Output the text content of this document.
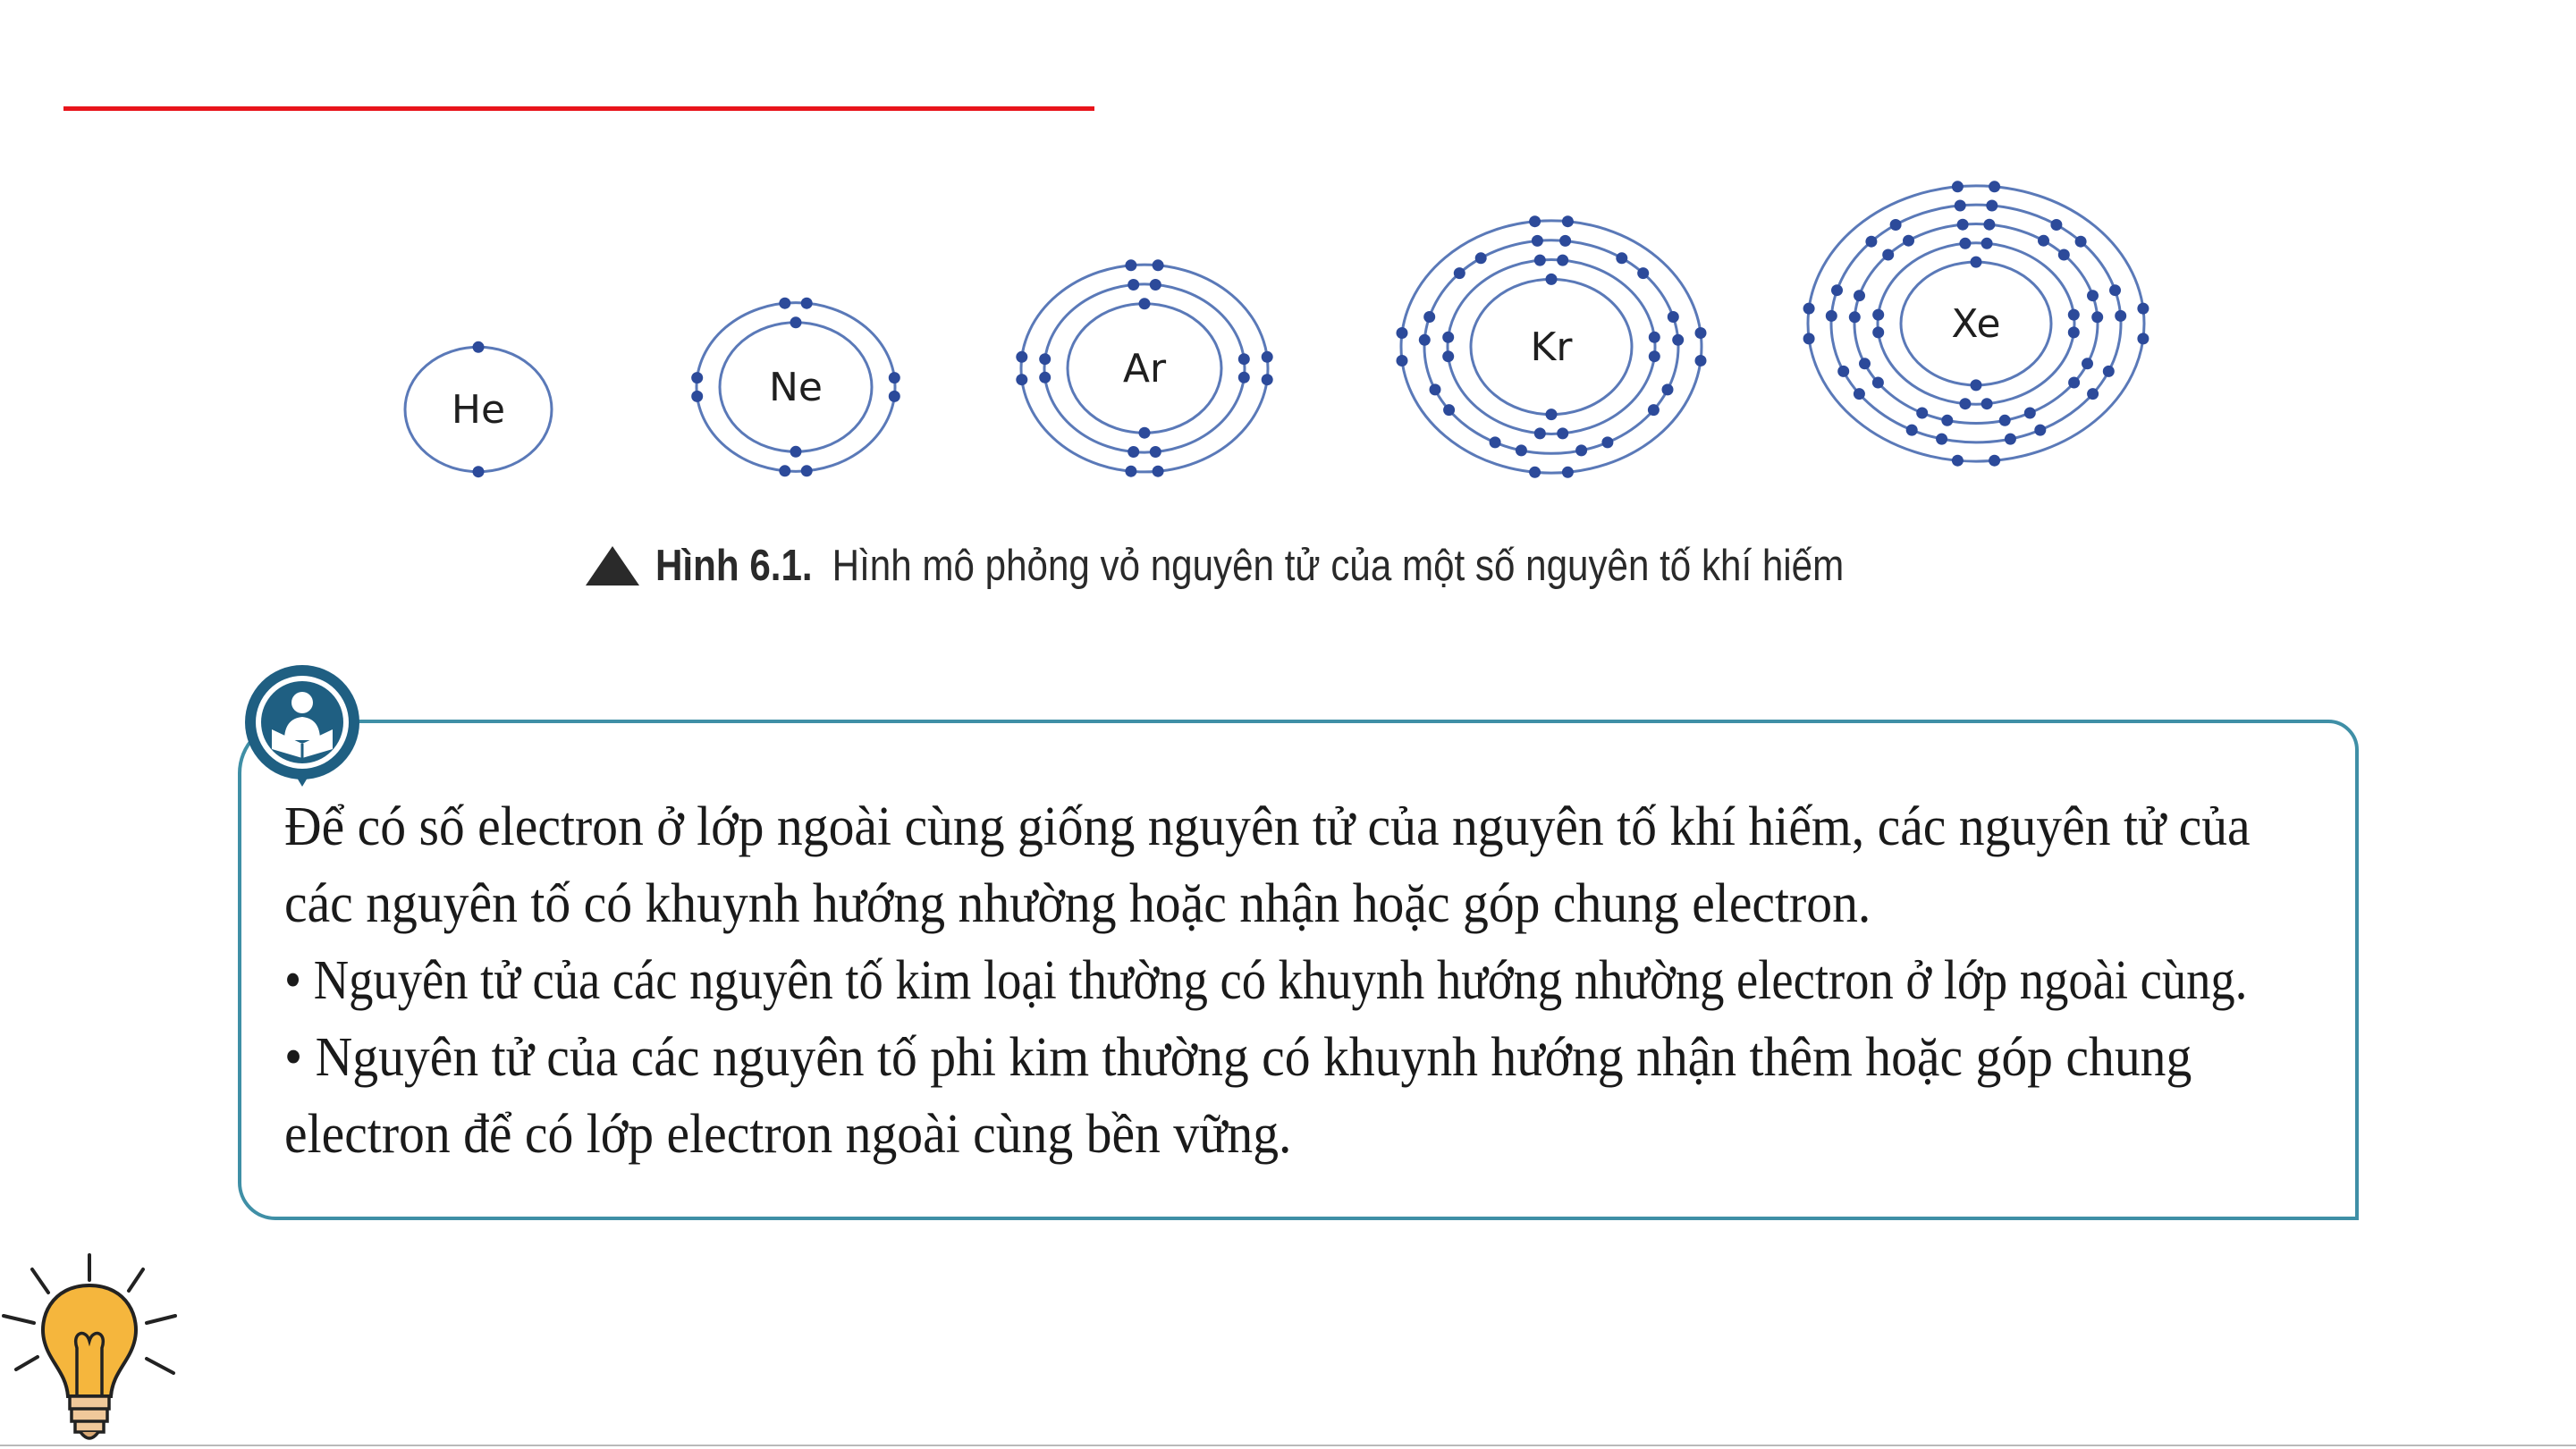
He	Ne	Ar	Kr
Xe
Hình 6.1. Hình mô phỏng vỏ nguyên tử của một số nguyên tố khí hiếm

Để có số electron ở lớp ngoài cùng giống nguyên tử của nguyên tố khí hiếm, các nguyên tử của

các nguyên tố có khuynh hướng nhường hoặc nhận hoặc góp chung electron.

• Nguyên tử của các nguyên tố kim loại thường có khuynh hướng nhường electron ở lớp ngoài cùng.

• Nguyên tử của các nguyên tố phi kim thường có khuynh hướng nhận thêm hoặc góp chung

electron để có lớp electron ngoài cùng bền vững.
